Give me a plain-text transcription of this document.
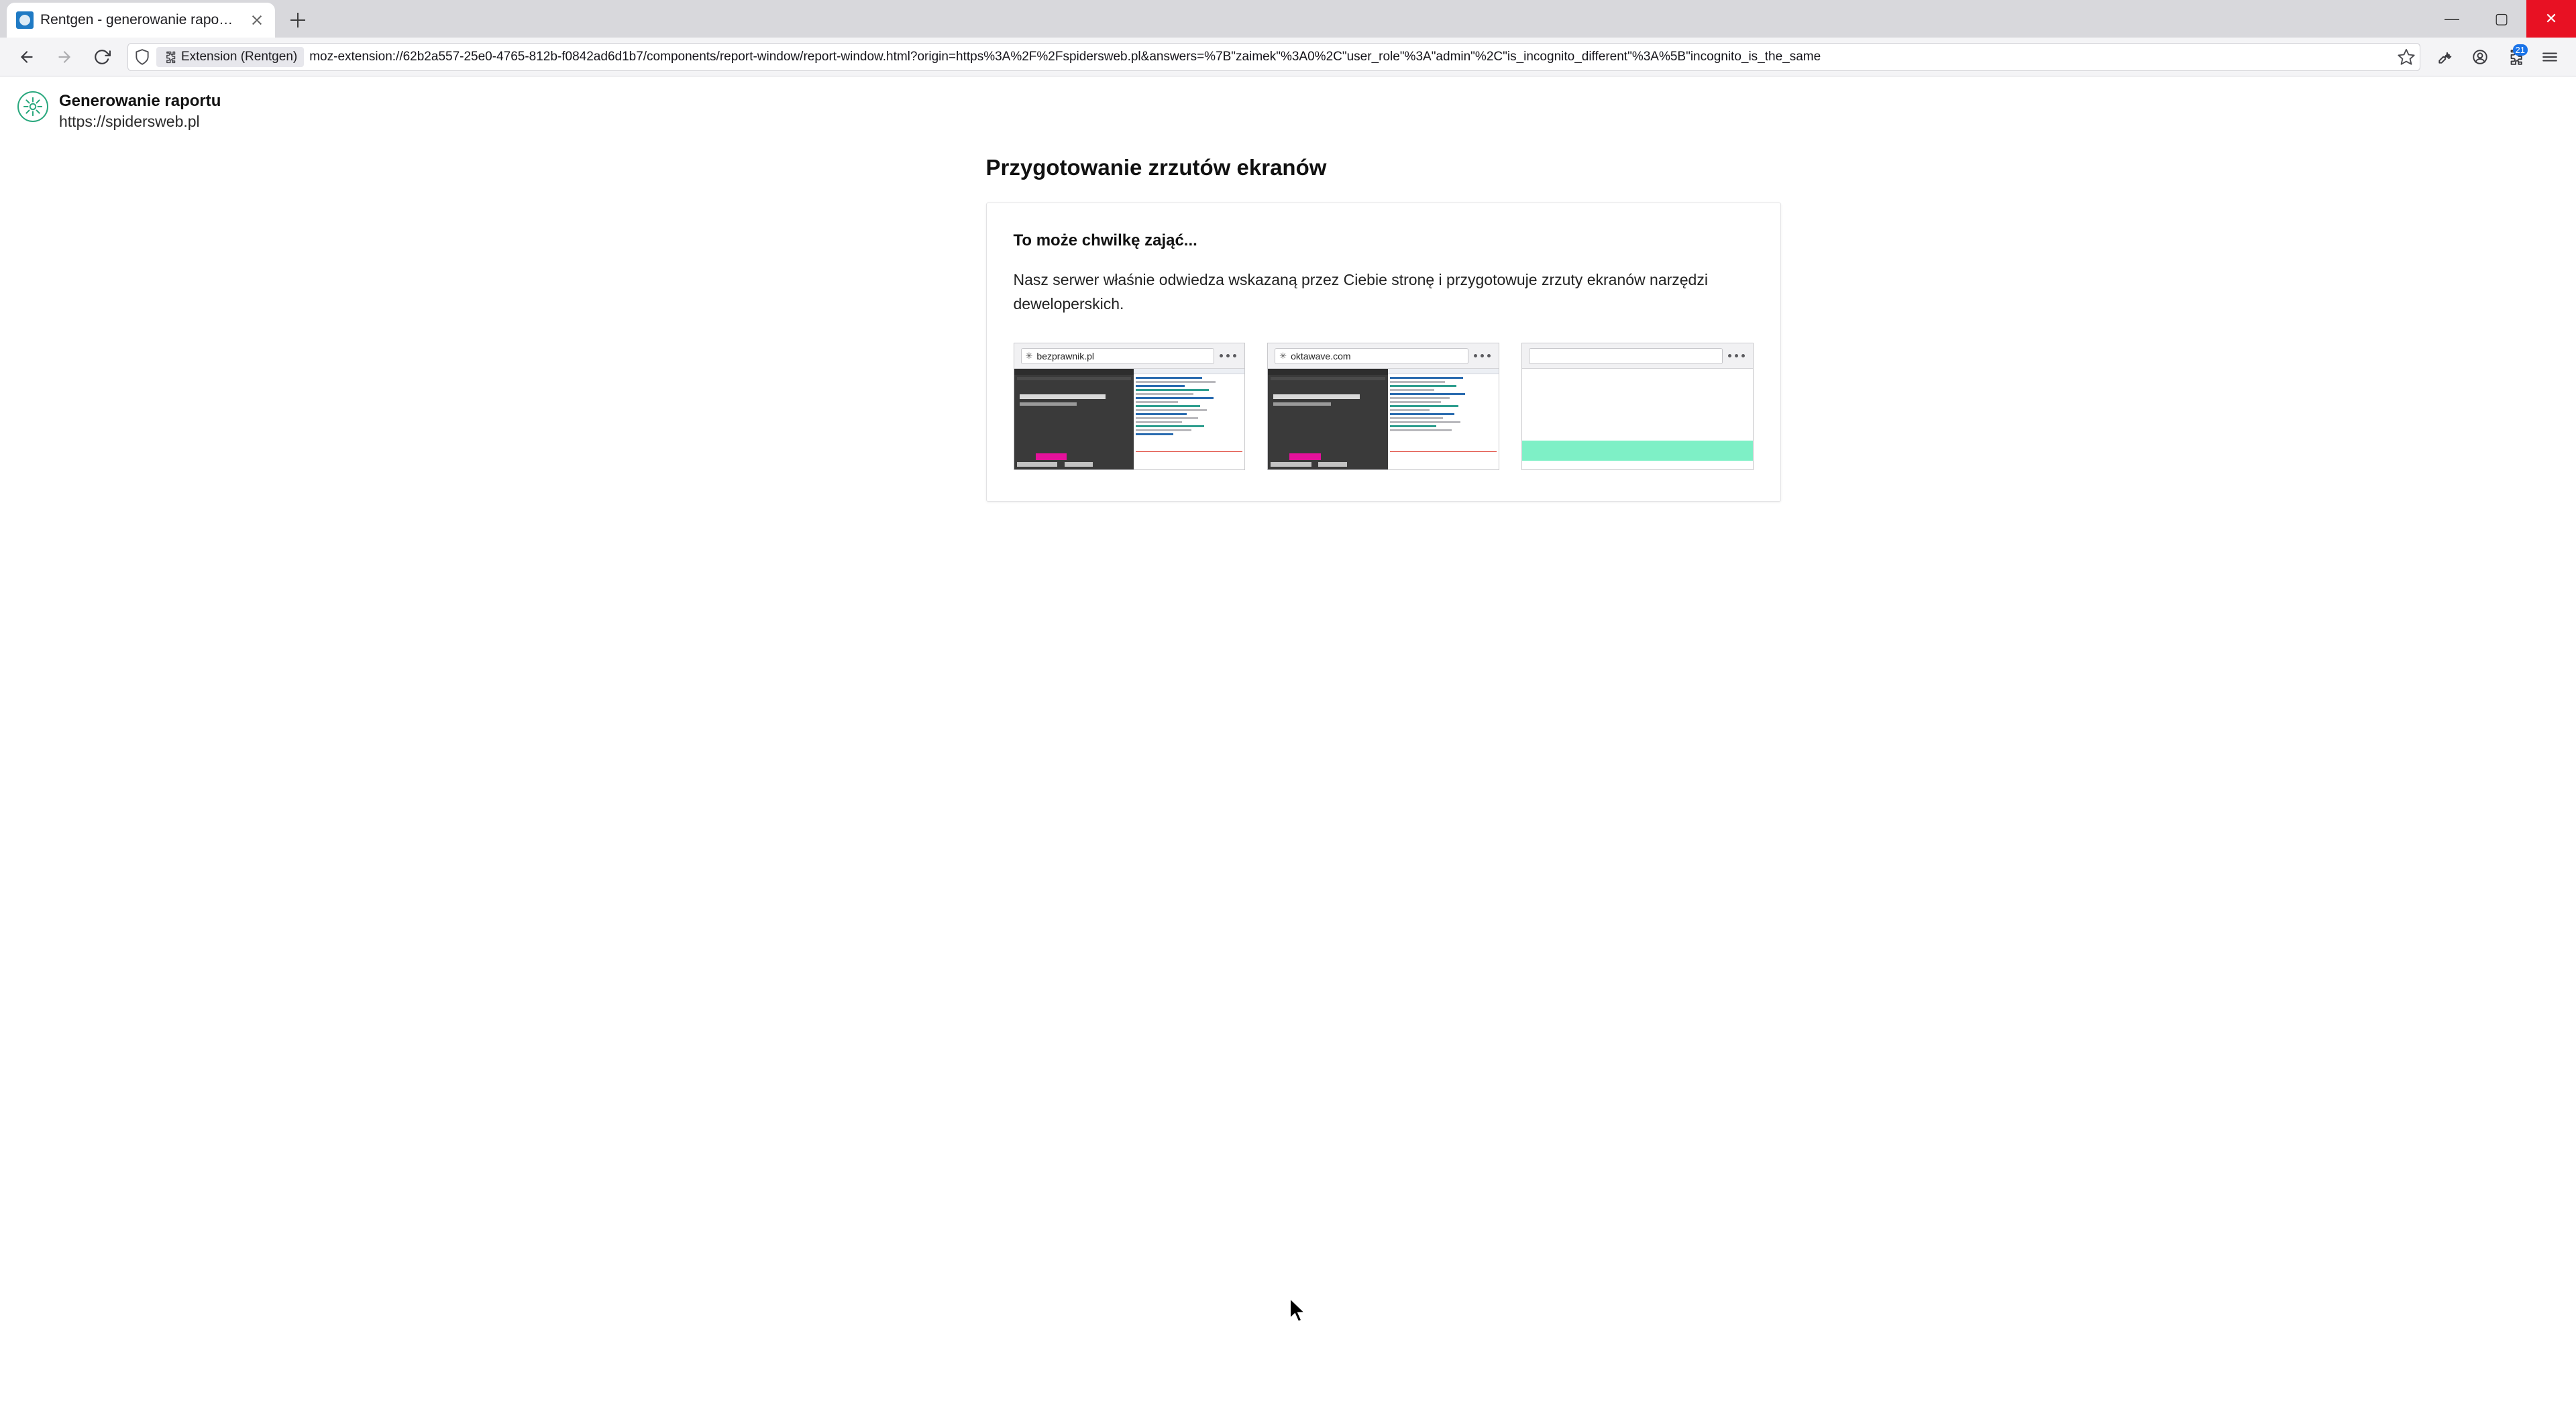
Rentgen - generowanie rapo…	— ▢ ✕
Extension (Rentgen) moz-extension://62b2a557-25e0-4765-812b-f0842ad6d1b7/components/report-window/report-window.html?origin=https%3A%2F%2Fspidersweb.pl&answers=%7B"zaimek"%3A0%2C"user_role"%3A"admin"%2C"is_incognito_different"%3A%5B"incognito_is_the_same	21
Generowanie raportu
https://spidersweb.pl
Przygotowanie zrzutów ekranów
To może chwilkę zająć...
Nasz serwer właśnie odwiedza wskazaną przez Ciebie stronę i przygotowuje zrzuty ekranów narzędzi deweloperskich.
✳ bezprawnik.pl	✳ oktawave.com
